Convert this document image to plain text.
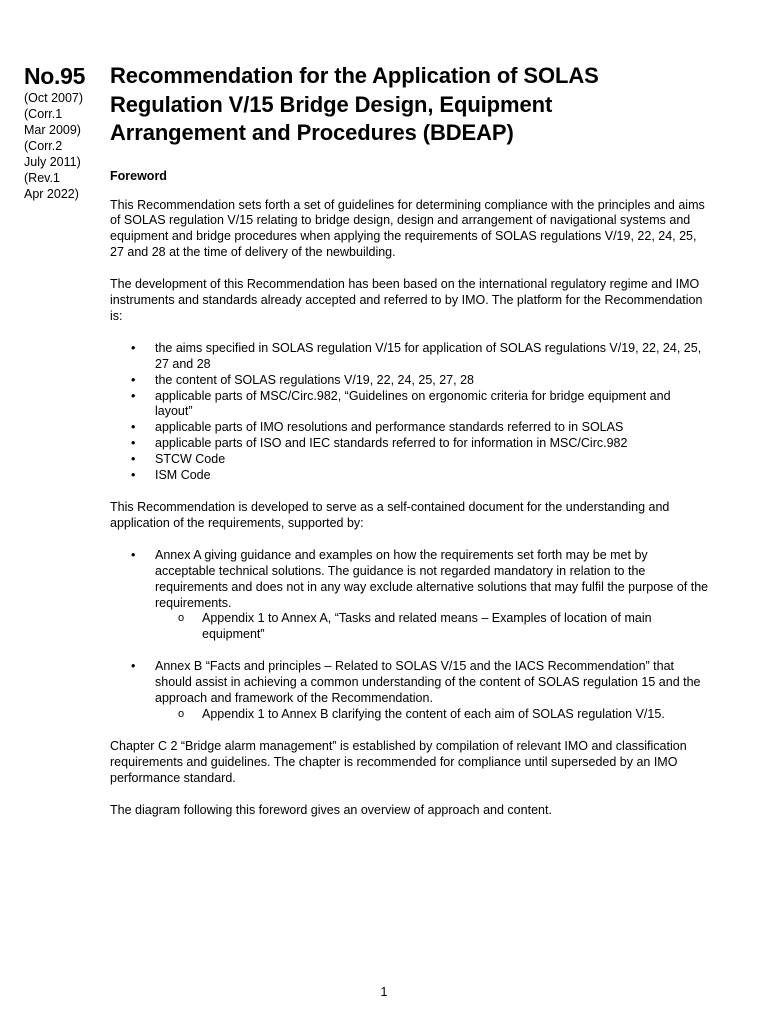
No.95
(Oct 2007)
(Corr.1
Mar 2009)
(Corr.2
July 2011)
(Rev.1
Apr 2022)
Recommendation for the Application of SOLAS
Regulation V/15 Bridge Design, Equipment
Arrangement and Procedures (BDEAP)
Foreword

This Recommendation sets forth a set of guidelines for determining compliance with the principles and aims of SOLAS regulation V/15 relating to bridge design, design and arrangement of navigational systems and equipment and bridge procedures when applying the requirements of SOLAS regulations V/19, 22, 24, 25, 27 and 28 at the time of delivery of the newbuilding.

The development of this Recommendation has been based on the international regulatory regime and IMO instruments and standards already accepted and referred to by IMO. The platform for the Recommendation is:

• the aims specified in SOLAS regulation V/15 for application of SOLAS regulations V/19, 22, 24, 25, 27 and 28
• the content of SOLAS regulations V/19, 22, 24, 25, 27, 28
• applicable parts of MSC/Circ.982, “Guidelines on ergonomic criteria for bridge equipment and layout”
• applicable parts of IMO resolutions and performance standards referred to in SOLAS
• applicable parts of ISO and IEC standards referred to for information in MSC/Circ.982
• STCW Code
• ISM Code

This Recommendation is developed to serve as a self-contained document for the understanding and application of the requirements, supported by:

• Annex A giving guidance and examples on how the requirements set forth may be met by acceptable technical solutions. The guidance is not regarded mandatory in relation to the requirements and does not in any way exclude alternative solutions that may fulfil the purpose of the requirements.
o Appendix 1 to Annex A, “Tasks and related means – Examples of location of main equipment”
• Annex B “Facts and principles – Related to SOLAS V/15 and the IACS Recommendation” that should assist in achieving a common understanding of the content of SOLAS regulation 15 and the approach and framework of the Recommendation.
o Appendix 1 to Annex B clarifying the content of each aim of SOLAS regulation V/15.

Chapter C 2 “Bridge alarm management” is established by compilation of relevant IMO and classification requirements and guidelines. The chapter is recommended for compliance until superseded by an IMO performance standard.

The diagram following this foreword gives an overview of approach and content.

1
